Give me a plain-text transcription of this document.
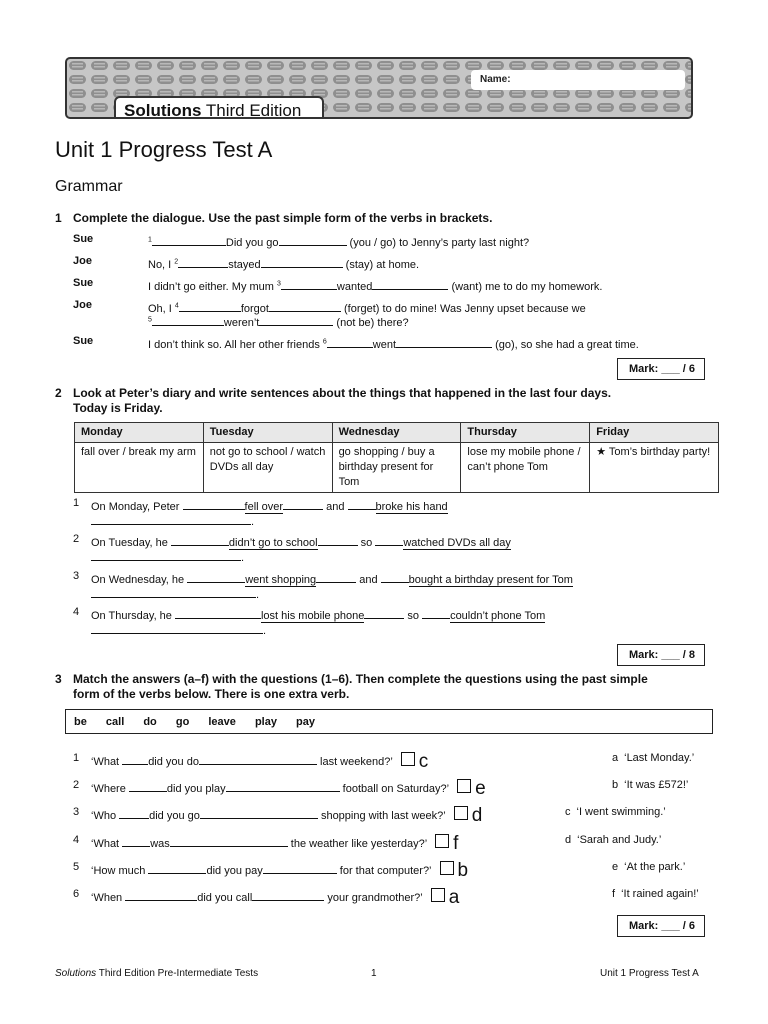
Name:
Solutions Third Edition
Unit 1 Progress Test A
Grammar
1 Complete the dialogue. Use the past simple form of the verbs in brackets.
Sue	$^1$	Did you go	(you / go) to Jenny’s party last night?
Joe	No, I $^2$	stayed	(stay) at home.
Sue	I didn’t go either. My mum $^3$	wanted	(want) me to do my homework.
Joe	Oh, I $^4$	forgot	(forget) to do mine! Was Jenny upset because we
$^5$	weren’t	(not be) there?
Sue	I don’t think so. All her other friends $^6$	went	(go), so she had a great time.
Mark: ___ / 6
2 Look at Peter’s diary and write sentences about the things that happened in the last four days.
Today is Friday.
Monday	Tuesday	Wednesday	Thursday	Friday
fall over / break my arm	not go to school / watch DVDs all day	go shopping / buy a birthday present for Tom	lose my mobile phone / can’t phone Tom	★ Tom’s birthday party!
1 On Monday, Peter	fell over	and	broke his hand
.
2 On Tuesday, he	didn’t go to school	so	watched DVDs all day
.
3 On Wednesday, he	went shopping	and	bought a birthday present for Tom
.
4 On Thursday, he	lost his mobile phone	so	couldn’t phone Tom
.
Mark: ___ / 8
3 Match the answers (a–f) with the questions (1–6). Then complete the questions using the past simple
form of the verbs below. There is one extra verb.
be call do go leave play pay
1 ‘What did you do	last weekend?’ c
2 ‘Where	did you play	football on Saturday?’ e
3 ‘Who	did you go	shopping with last week?’ d
4 ‘What	was	the weather like yesterday?’ f
5 ‘How much	did you pay	for that computer?’ b
6 ‘When	did you call	your grandmother?’ a
a ‘Last Monday.’
b ‘It was £572!’
c ‘I went swimming.’
d ‘Sarah and Judy.’
e ‘At the park.’
f ‘It rained again!’
Mark: ___ / 6
Solutions Third Edition Pre-Intermediate Tests	1	Unit 1 Progress Test A
